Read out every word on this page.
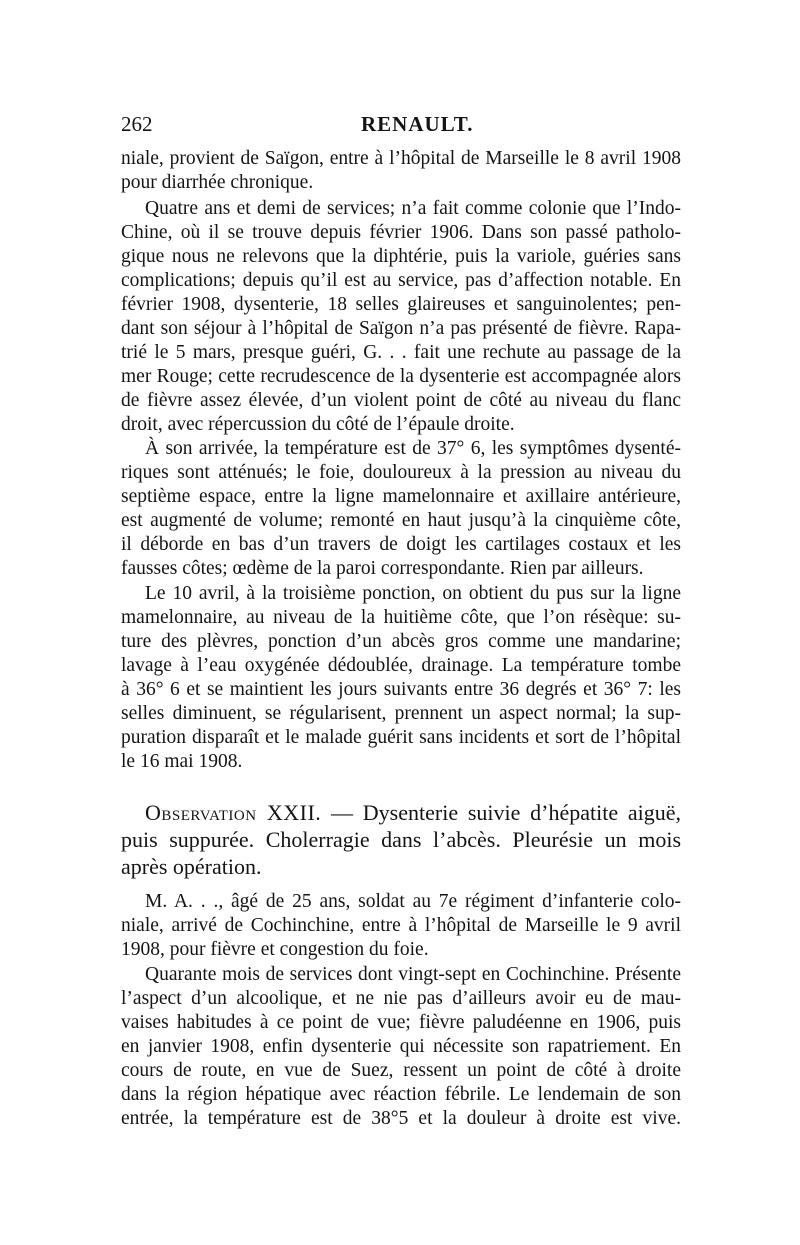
262	RENAULT.
niale, provient de Saïgon, entre à l’hôpital de Marseille le 8 avril 1908
pour diarrhée chronique.
Quatre ans et demi de services; n’a fait comme colonie que l’Indo-
Chine, où il se trouve depuis février 1906. Dans son passé patholo-
gique nous ne relevons que la diphtérie, puis la variole, guéries sans
complications; depuis qu’il est au service, pas d’affection notable. En
février 1908, dysenterie, 18 selles glaireuses et sanguinolentes; pen-
dant son séjour à l’hôpital de Saïgon n’a pas présenté de fièvre. Rapa-
trié le 5 mars, presque guéri, G. . . fait une rechute au passage de la
mer Rouge; cette recrudescence de la dysenterie est accompagnée alors
de fièvre assez élevée, d’un violent point de côté au niveau du flanc
droit, avec répercussion du côté de l’épaule droite.
À son arrivée, la température est de 37° 6, les symptômes dysenté-
riques sont atténués; le foie, douloureux à la pression au niveau du
septième espace, entre la ligne mamelonnaire et axillaire antérieure,
est augmenté de volume; remonté en haut jusqu’à la cinquième côte,
il déborde en bas d’un travers de doigt les cartilages costaux et les
fausses côtes; œdème de la paroi correspondante. Rien par ailleurs.
Le 10 avril, à la troisième ponction, on obtient du pus sur la ligne
mamelonnaire, au niveau de la huitième côte, que l’on résèque: su-
ture des plèvres, ponction d’un abcès gros comme une mandarine;
lavage à l’eau oxygénée dédoublée, drainage. La température tombe
à 36° 6 et se maintient les jours suivants entre 36 degrés et 36° 7: les
selles diminuent, se régularisent, prennent un aspect normal; la sup-
puration disparaît et le malade guérit sans incidents et sort de l’hôpital
le 16 mai 1908.
Observation XXII. — Dysenterie suivie d’hépatite aiguë,
puis suppurée. Cholerragie dans l’abcès. Pleurésie un mois
après opération.
M. A. . ., âgé de 25 ans, soldat au 7e régiment d’infanterie colo-
niale, arrivé de Cochinchine, entre à l’hôpital de Marseille le 9 avril
1908, pour fièvre et congestion du foie.
Quarante mois de services dont vingt-sept en Cochinchine. Présente
l’aspect d’un alcoolique, et ne nie pas d’ailleurs avoir eu de mau-
vaises habitudes à ce point de vue; fièvre paludéenne en 1906, puis
en janvier 1908, enfin dysenterie qui nécessite son rapatriement. En
cours de route, en vue de Suez, ressent un point de côté à droite
dans la région hépatique avec réaction fébrile. Le lendemain de son
entrée, la température est de 38°5 et la douleur à droite est vive.
